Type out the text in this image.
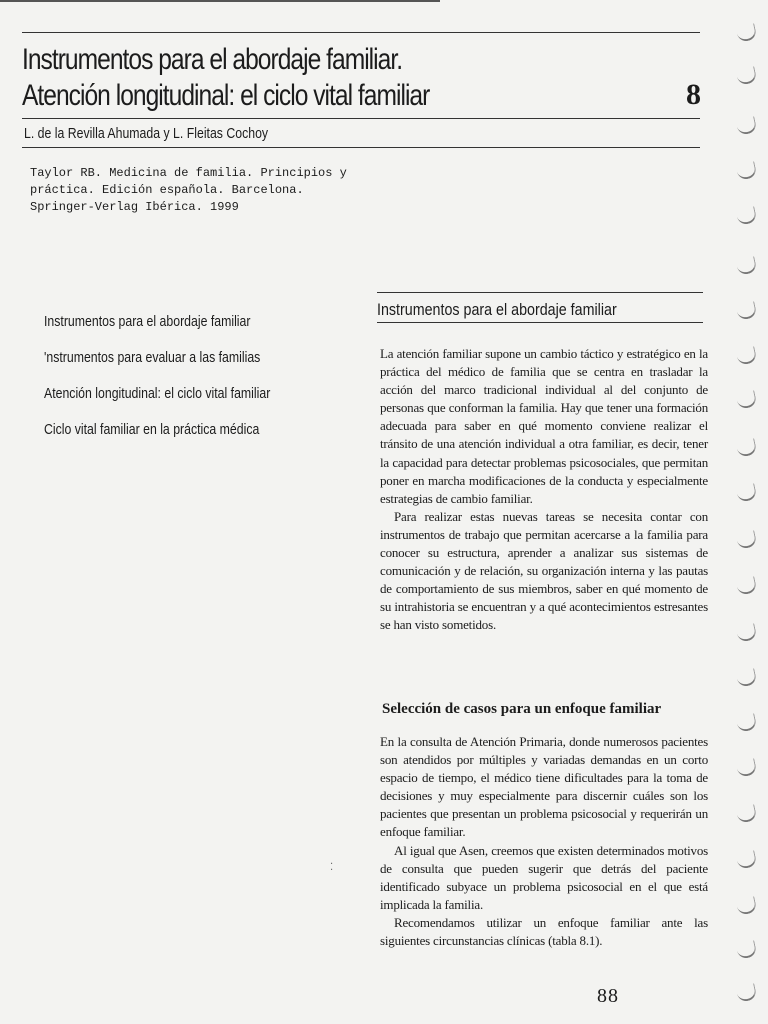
Instrumentos para el abordaje familiar.
Atención longitudinal: el ciclo vital familiar	8
L. de la Revilla Ahumada y L. Fleitas Cochoy
Taylor RB. Medicina de familia. Principios y
práctica. Edición española. Barcelona.
Springer-Verlag Ibérica. 1999
Instrumentos para el abordaje familiar
'nstrumentos para evaluar a las familias
Atención longitudinal: el ciclo vital familiar
Ciclo vital familiar en la práctica médica
Instrumentos para el abordaje familiar

La atención familiar supone un cambio táctico y estratégico en la práctica del médico de familia que se centra en trasladar la acción del marco tradicional individual al del conjunto de personas que conforman la familia. Hay que tener una formación adecuada para saber en qué momento conviene realizar el tránsito de una atención individual a otra familiar, es decir, tener la capacidad para detectar problemas psicosociales, que permitan poner en marcha modificaciones de la conducta y especialmente estrategias de cambio familiar.

Para realizar estas nuevas tareas se necesita contar con instrumentos de trabajo que permitan acercarse a la familia para conocer su estructura, aprender a analizar sus sistemas de comunicación y de relación, su organización interna y las pautas de comportamiento de sus miembros, saber en qué momento de su intrahistoria se encuentran y a qué acontecimientos estresantes se han visto sometidos.

Selección de casos para un enfoque familiar

En la consulta de Atención Primaria, donde numerosos pacientes son atendidos por múltiples y variadas demandas en un corto espacio de tiempo, el médico tiene dificultades para la toma de decisiones y muy especialmente para discernir cuáles son los pacientes que presentan un problema psicosocial y requerirán un enfoque familiar.

Al igual que Asen, creemos que existen determinados motivos de consulta que pueden sugerir que detrás del paciente identificado subyace un problema psicosocial en el que está implicada la familia.

Recomendamos utilizar un enfoque familiar ante las siguientes circunstancias clínicas (tabla 8.1).

⁚
88
